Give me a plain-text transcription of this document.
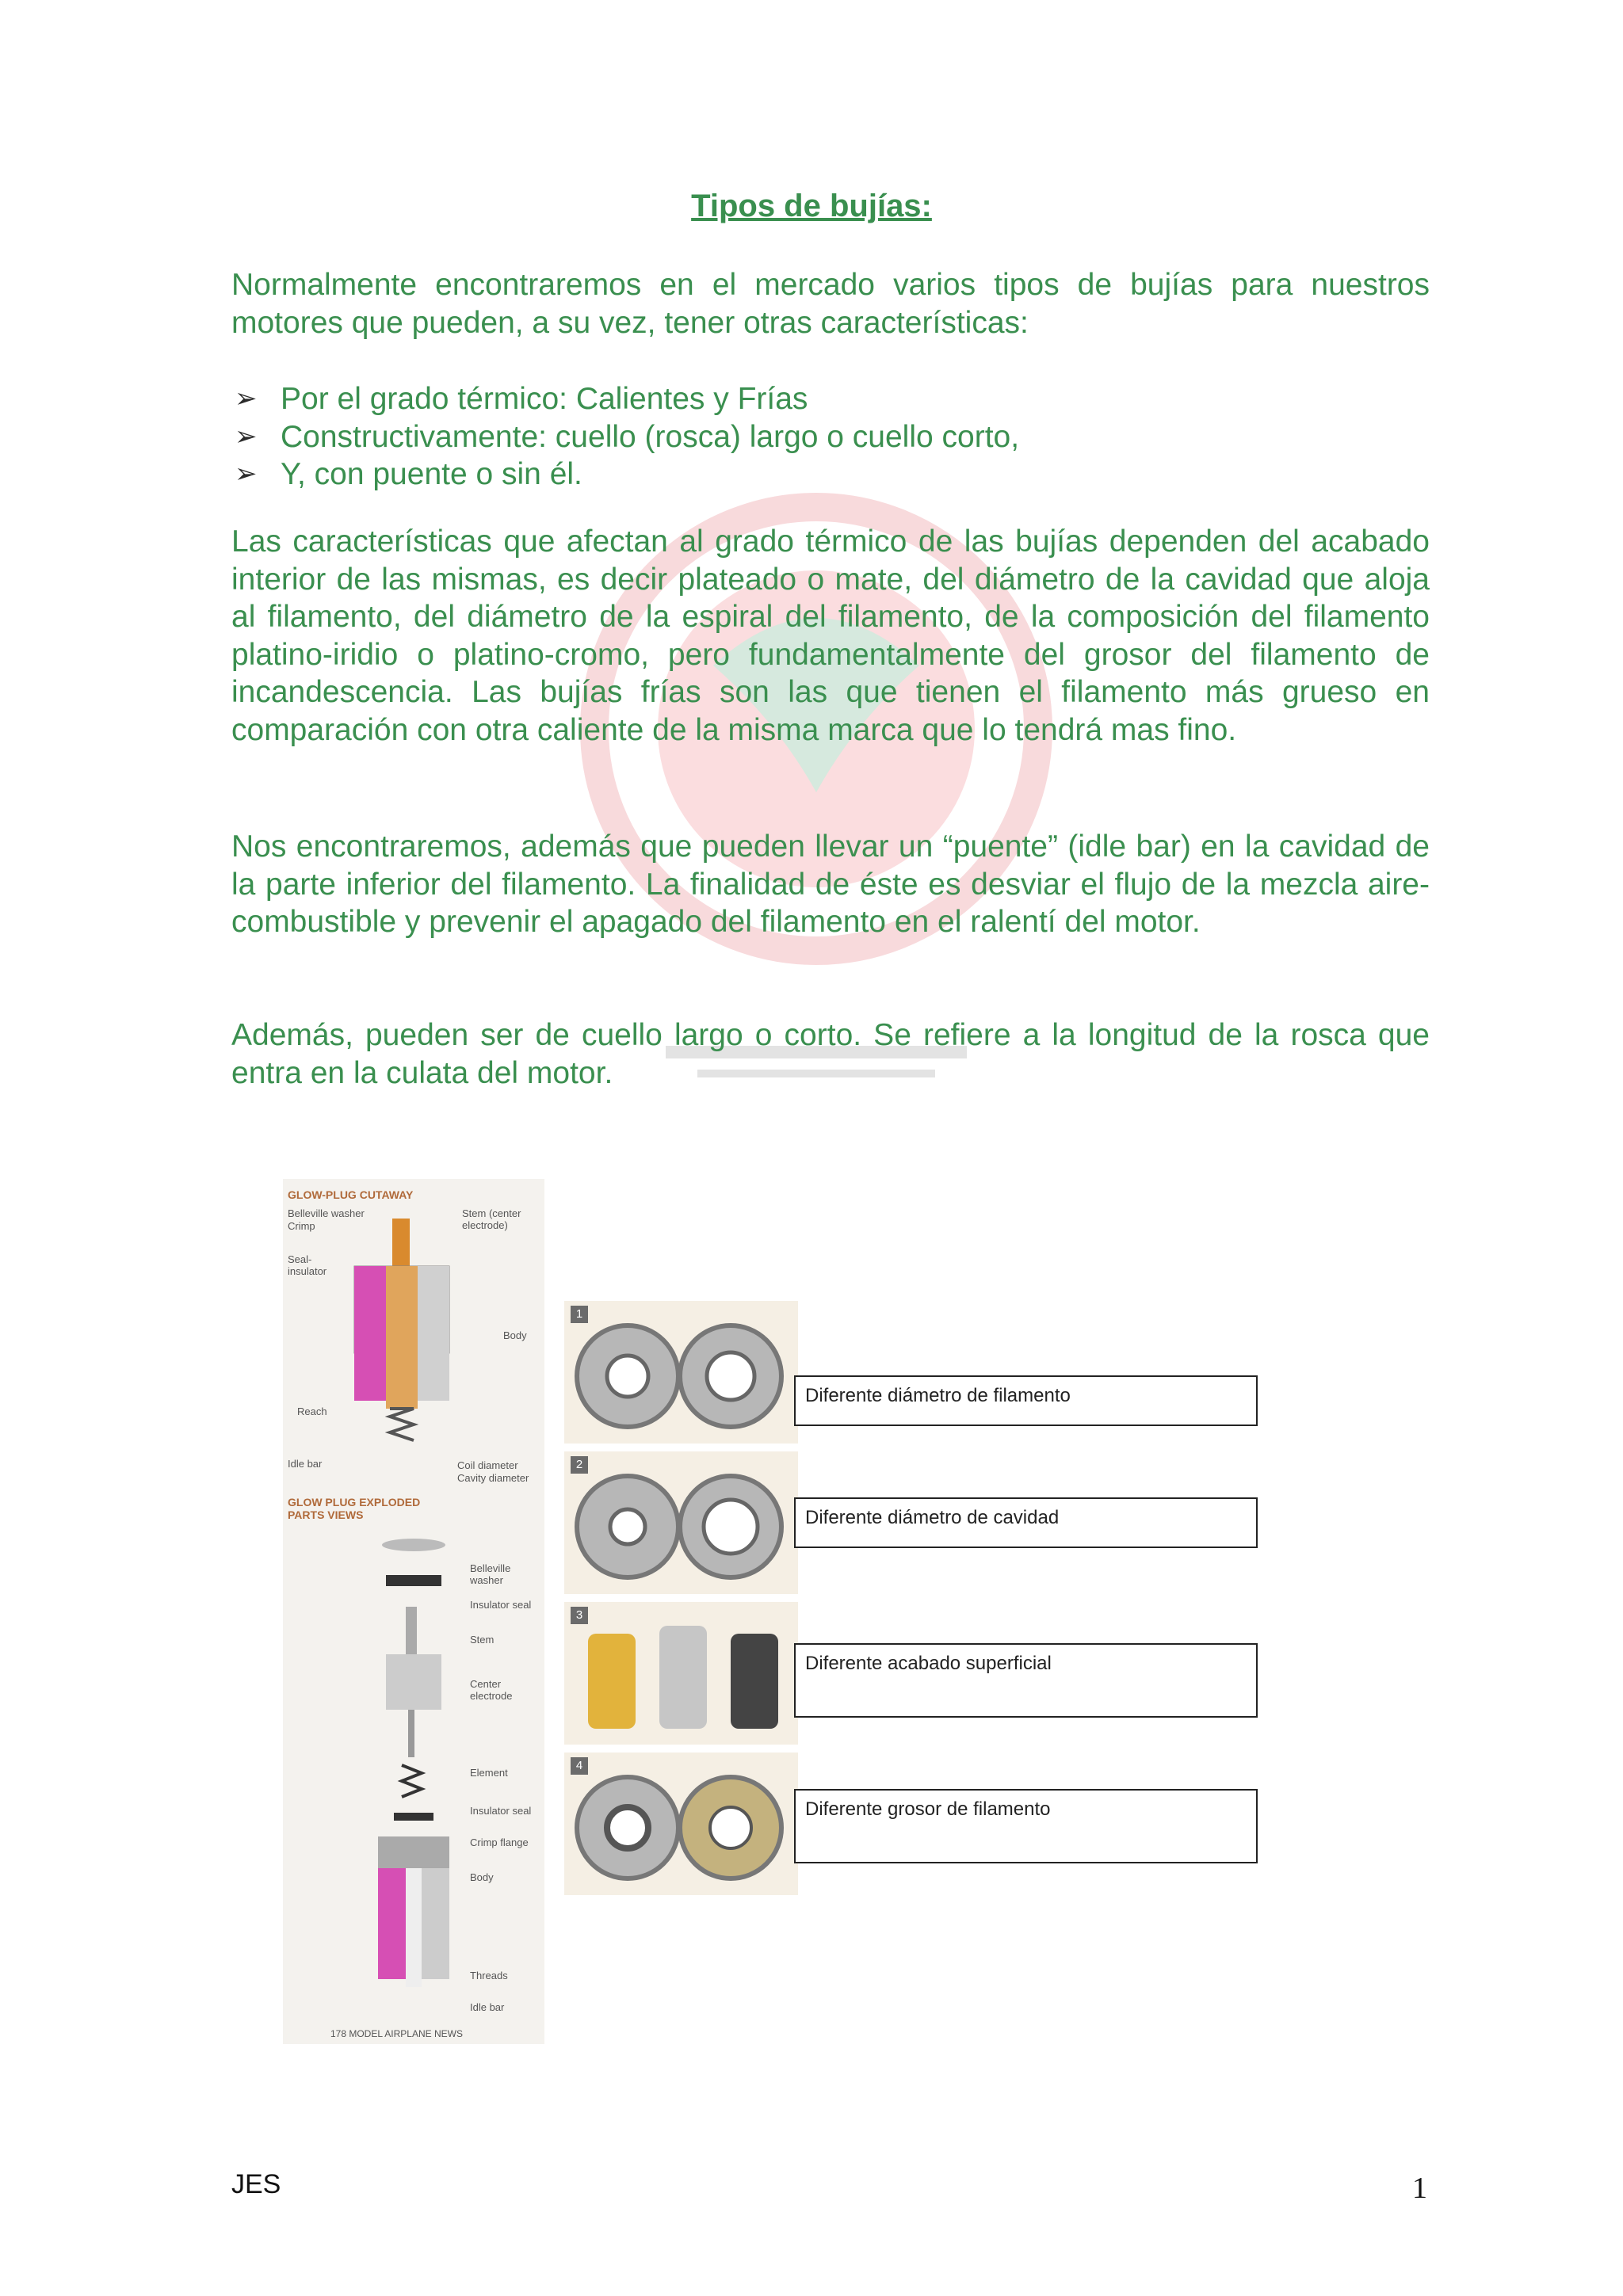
Tipos de bujías:
Normalmente encontraremos en el mercado varios tipos de bujías para nuestros motores que pueden, a su vez, tener otras características:
➢ Por el grado térmico: Calientes y Frías
➢ Constructivamente: cuello (rosca) largo o cuello corto,
➢ Y, con puente o sin él.
Las características que afectan al grado térmico de las bujías dependen del acabado interior de las mismas, es decir plateado o mate, del diámetro de la cavidad que aloja al filamento, del diámetro de la espiral del filamento, de la composición del filamento platino-iridio o platino-cromo, pero fundamentalmente del grosor del filamento de incandescencia. Las bujías frías son las que tienen el filamento más grueso en comparación con otra caliente de la misma marca que lo tendrá mas fino.
Nos encontraremos, además que pueden llevar un “puente” (idle bar) en la cavidad de la parte inferior del filamento. La finalidad de éste es desviar el flujo de la mezcla aire-combustible y prevenir el apagado del filamento en el ralentí del motor.
Además, pueden ser de cuello largo o corto. Se refiere a la longitud de la rosca que entra en la culata del motor.
GLOW-PLUG CUTAWAY
Belleville washer
Crimp
Stem (center electrode)
Seal-insulator
Body
Reach
Idle bar	Coil diameter
Cavity diameter
GLOW PLUG EXPLODED PARTS VIEWS
Belleville washer
Insulator seal
Stem
Center electrode
Element
Insulator seal
Crimp flange
Body
Threads
Idle bar
178 MODEL AIRPLANE NEWS
1
2
3
4
Diferente diámetro de filamento
Diferente diámetro de cavidad
Diferente acabado superficial
Diferente grosor de filamento
JES	1
